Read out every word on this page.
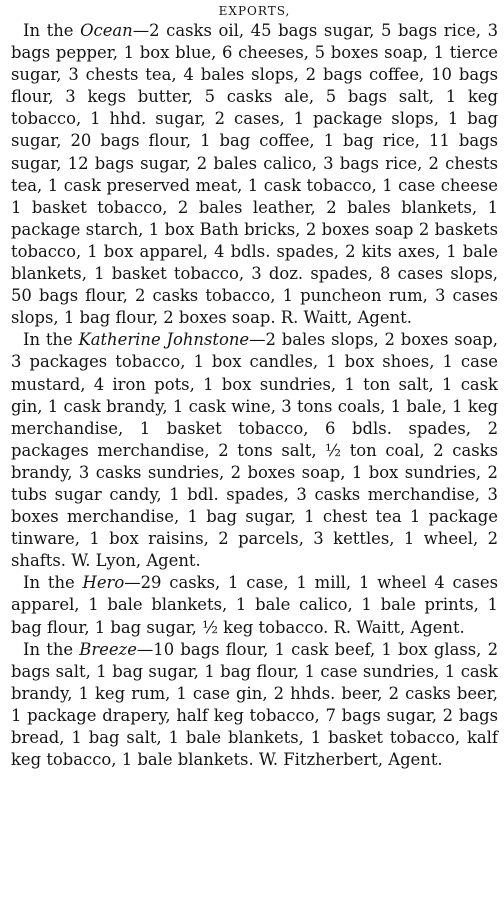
EXPORTS,

In the Ocean—2 casks oil, 45 bags sugar, 5 bags rice, 3 bags pepper, 1 box blue, 6 cheeses, 5 boxes soap, 1 tierce sugar, 3 chests tea, 4 bales slops, 2 bags coffee, 10 bags flour, 3 kegs butter, 5 casks ale, 5 bags salt, 1 keg tobacco, 1 hhd. sugar, 2 cases, 1 package slops, 1 bag sugar, 20 bags flour, 1 bag coffee, 1 bag rice, 11 bags sugar, 12 bags sugar, 2 bales calico, 3 bags rice, 2 chests tea, 1 cask preserved meat, 1 cask tobacco, 1 case cheese 1 basket tobacco, 2 bales leather, 2 bales blankets, 1 package starch, 1 box Bath bricks, 2 boxes soap 2 baskets tobacco, 1 box apparel, 4 bdls. spades, 2 kits axes, 1 bale blankets, 1 basket tobacco, 3 doz. spades, 8 cases slops, 50 bags flour, 2 casks tobacco, 1 puncheon rum, 3 cases slops, 1 bag flour, 2 boxes soap. R. Waitt, Agent.

In the Katherine Johnstone—2 bales slops, 2 boxes soap, 3 packages tobacco, 1 box candles, 1 box shoes, 1 case mustard, 4 iron pots, 1 box sundries, 1 ton salt, 1 cask gin, 1 cask brandy, 1 cask wine, 3 tons coals, 1 bale, 1 keg merchandise, 1 basket tobacco, 6 bdls. spades, 2 packages merchandise, 2 tons salt, ½ ton coal, 2 casks brandy, 3 casks sundries, 2 boxes soap, 1 box sundries, 2 tubs sugar candy, 1 bdl. spades, 3 casks merchandise, 3 boxes merchandise, 1 bag sugar, 1 chest tea 1 package tinware, 1 box raisins, 2 parcels, 3 kettles, 1 wheel, 2 shafts. W. Lyon, Agent.

In the Hero—29 casks, 1 case, 1 mill, 1 wheel 4 cases apparel, 1 bale blankets, 1 bale calico, 1 bale prints, 1 bag flour, 1 bag sugar, ½ keg tobacco. R. Waitt, Agent.

In the Breeze—10 bags flour, 1 cask beef, 1 box glass, 2 bags salt, 1 bag sugar, 1 bag flour, 1 case sundries, 1 cask brandy, 1 keg rum, 1 case gin, 2 hhds. beer, 2 casks beer, 1 package drapery, half keg tobacco, 7 bags sugar, 2 bags bread, 1 bag salt, 1 bale blankets, 1 basket tobacco, kalf keg tobacco, 1 bale blankets. W. Fitzherbert, Agent.
